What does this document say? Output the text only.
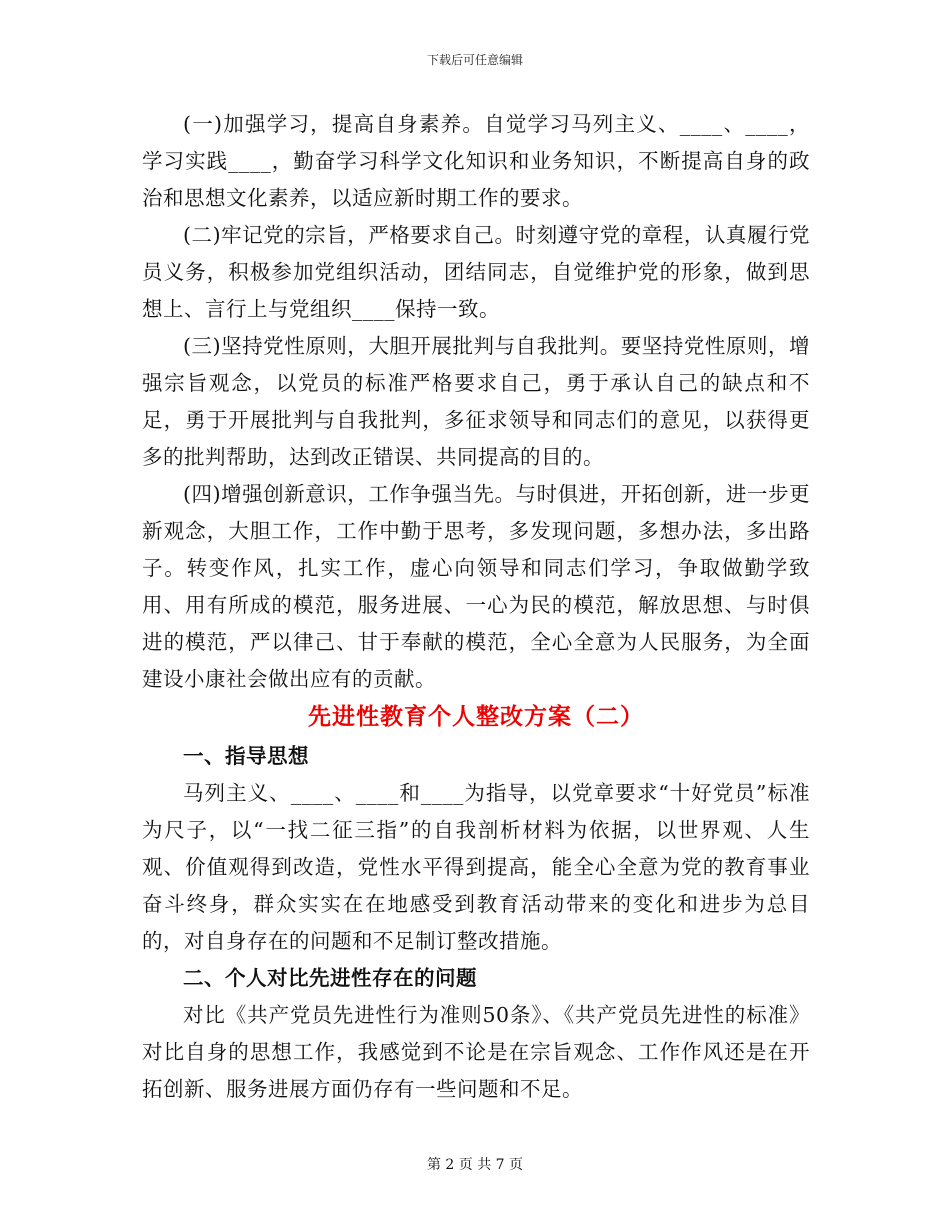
下载后可任意编辑

(一)加强学习，提高自身素养。自觉学习马列主义、____、____，学习实践____，勤奋学习科学文化知识和业务知识，不断提高自身的政治和思想文化素养，以适应新时期工作的要求。

(二)牢记党的宗旨，严格要求自己。时刻遵守党的章程，认真履行党员义务，积极参加党组织活动，团结同志，自觉维护党的形象，做到思想上、言行上与党组织____保持一致。

(三)坚持党性原则，大胆开展批判与自我批判。要坚持党性原则，增强宗旨观念，以党员的标准严格要求自己，勇于承认自己的缺点和不足，勇于开展批判与自我批判，多征求领导和同志们的意见，以获得更多的批判帮助，达到改正错误、共同提高的目的。

(四)增强创新意识，工作争强当先。与时俱进，开拓创新，进一步更新观念，大胆工作，工作中勤于思考，多发现问题，多想办法，多出路子。转变作风，扎实工作，虚心向领导和同志们学习，争取做勤学致用、用有所成的模范，服务进展、一心为民的模范，解放思想、与时俱进的模范，严以律己、甘于奉献的模范，全心全意为人民服务，为全面建设小康社会做出应有的贡献。

先进性教育个人整改方案（二）
一、指导思想

马列主义、____、____和____为指导，以党章要求“十好党员”标准为尺子，以“一找二征三指”的自我剖析材料为依据，以世界观、人生观、价值观得到改造，党性水平得到提高，能全心全意为党的教育事业奋斗终身，群众实实在在地感受到教育活动带来的变化和进步为总目的，对自身存在的问题和不足制订整改措施。

二、个人对比先进性存在的问题

对比《共产党员先进性行为准则50条》、《共产党员先进性的标准》对比自身的思想工作，我感觉到不论是在宗旨观念、工作作风还是在开拓创新、服务进展方面仍存有一些问题和不足。

第 2 页 共 7 页
